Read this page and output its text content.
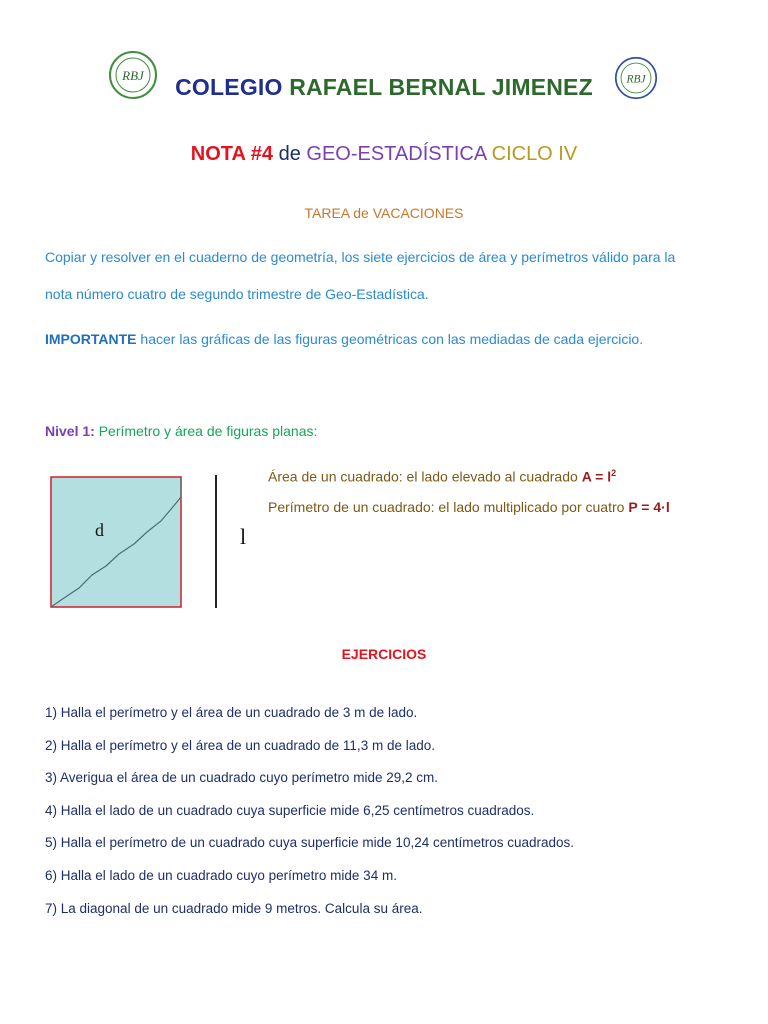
RBJ	RBJ
COLEGIO RAFAEL BERNAL JIMENEZ
NOTA #4 de GEO-ESTADÍSTICA CICLO IV
TAREA de VACACIONES
Copiar y resolver en el cuaderno de geometría, los siete ejercicios de área y perímetros válido para la
nota número cuatro de segundo trimestre de Geo-Estadística.
IMPORTANTE hacer las gráficas de las figuras geométricas con las mediadas de cada ejercicio.
Nivel 1: Perímetro y área de figuras planas:
d	l
Área de un cuadrado: el lado elevado al cuadrado $A = l^2$
Perímetro de un cuadrado: el lado multiplicado por cuatro P = 4·l
EJERCICIOS
1) Halla el perímetro y el área de un cuadrado de 3 m de lado.
2) Halla el perímetro y el área de un cuadrado de 11,3 m de lado.
3) Averigua el área de un cuadrado cuyo perímetro mide 29,2 cm.
4) Halla el lado de un cuadrado cuya superficie mide 6,25 centímetros cuadrados.
5) Halla el perímetro de un cuadrado cuya superficie mide 10,24 centímetros cuadrados.
6) Halla el lado de un cuadrado cuyo perímetro mide 34 m.
7) La diagonal de un cuadrado mide 9 metros. Calcula su área.
